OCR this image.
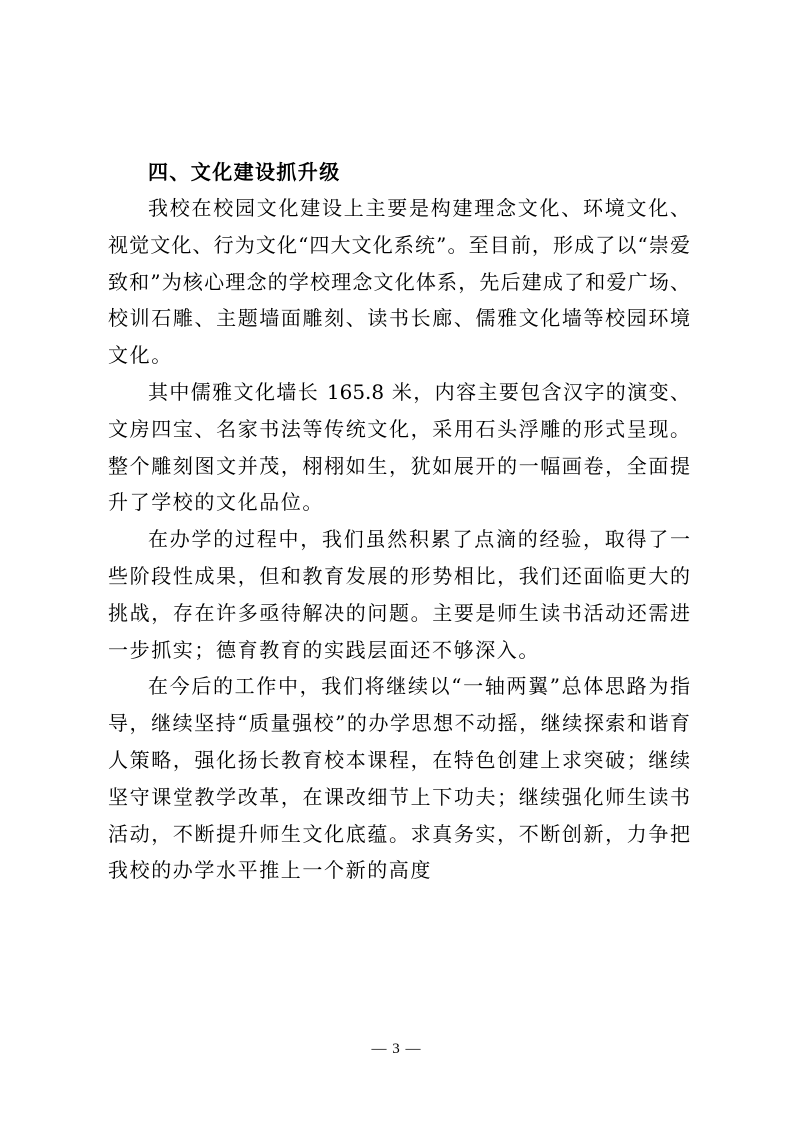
四、文化建设抓升级
我校在校园文化建设上主要是构建理念文化、环境文化、
视觉文化、行为文化“四大文化系统”。至目前，形成了以“崇爱
致和”为核心理念的学校理念文化体系，先后建成了和爱广场、
校训石雕、主题墙面雕刻、读书长廊、儒雅文化墙等校园环境
文化。
其中儒雅文化墙长 165.8 米，内容主要包含汉字的演变、
文房四宝、名家书法等传统文化，采用石头浮雕的形式呈现。
整个雕刻图文并茂，栩栩如生，犹如展开的一幅画卷，全面提
升了学校的文化品位。
在办学的过程中，我们虽然积累了点滴的经验，取得了一
些阶段性成果，但和教育发展的形势相比，我们还面临更大的
挑战，存在许多亟待解决的问题。主要是师生读书活动还需进
一步抓实；德育教育的实践层面还不够深入。
在今后的工作中，我们将继续以“一轴两翼”总体思路为指
导，继续坚持“质量强校”的办学思想不动摇，继续探索和谐育
人策略，强化扬长教育校本课程，在特色创建上求突破；继续
坚守课堂教学改革，在课改细节上下功夫；继续强化师生读书
活动，不断提升师生文化底蕴。求真务实，不断创新，力争把
我校的办学水平推上一个新的高度
— 3 —
